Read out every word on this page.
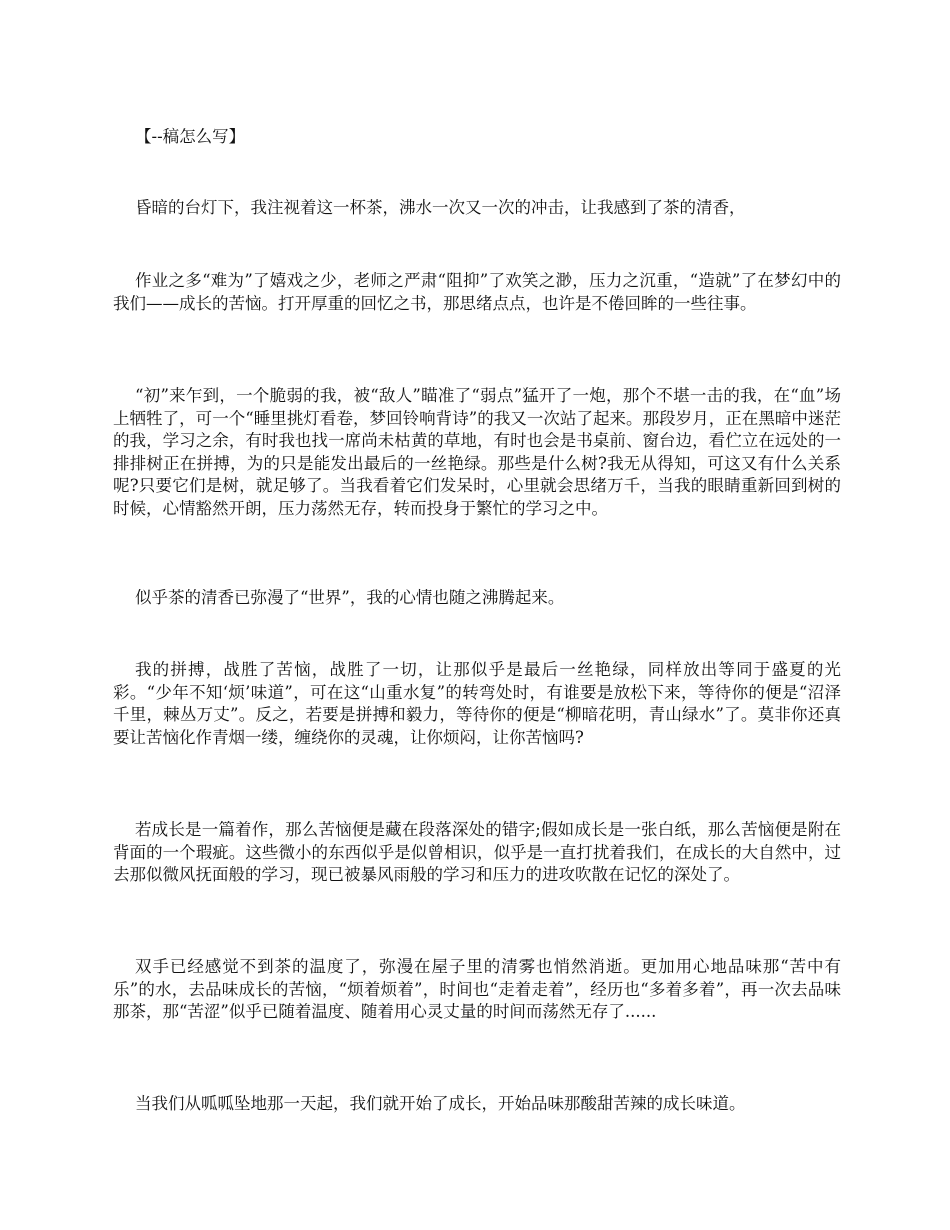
【--稿怎么写】

昏暗的台灯下，我注视着这一杯茶，沸水一次又一次的冲击，让我感到了茶的清香，

作业之多“难为”了嬉戏之少，老师之严肃“阻抑”了欢笑之渺，压力之沉重，“造就”了在梦幻中的我们——成长的苦恼。打开厚重的回忆之书，那思绪点点，也许是不倦回眸的一些往事。

“初”来乍到，一个脆弱的我，被“敌人”瞄准了“弱点”猛开了一炮，那个不堪一击的我，在“血”场上牺牲了，可一个“睡里挑灯看卷，梦回铃响背诗”的我又一次站了起来。那段岁月，正在黑暗中迷茫的我，学习之余，有时我也找一席尚未枯黄的草地，有时也会是书桌前、窗台边，看伫立在远处的一排排树正在拼搏，为的只是能发出最后的一丝艳绿。那些是什么树?我无从得知，可这又有什么关系呢?只要它们是树，就足够了。当我看着它们发呆时，心里就会思绪万千，当我的眼睛重新回到树的时候，心情豁然开朗，压力荡然无存，转而投身于繁忙的学习之中。

似乎茶的清香已弥漫了“世界”，我的心情也随之沸腾起来。

我的拼搏，战胜了苦恼，战胜了一切，让那似乎是最后一丝艳绿，同样放出等同于盛夏的光彩。“少年不知‘烦’味道”，可在这“山重水复”的转弯处时，有谁要是放松下来，等待你的便是“沼泽千里，棘丛万丈”。反之，若要是拼搏和毅力，等待你的便是“柳暗花明，青山绿水”了。莫非你还真要让苦恼化作青烟一缕，缠绕你的灵魂，让你烦闷，让你苦恼吗?

若成长是一篇着作，那么苦恼便是藏在段落深处的错字;假如成长是一张白纸，那么苦恼便是附在背面的一个瑕疵。这些微小的东西似乎是似曾相识，似乎是一直打扰着我们，在成长的大自然中，过去那似微风抚面般的学习，现已被暴风雨般的学习和压力的进攻吹散在记忆的深处了。

双手已经感觉不到茶的温度了，弥漫在屋子里的清雾也悄然消逝。更加用心地品味那“苦中有乐”的水，去品味成长的苦恼，“烦着烦着”，时间也“走着走着”，经历也“多着多着”，再一次去品味那茶，那“苦涩”似乎已随着温度、随着用心灵丈量的时间而荡然无存了......

当我们从呱呱坠地那一天起，我们就开始了成长，开始品味那酸甜苦辣的成长味道。
